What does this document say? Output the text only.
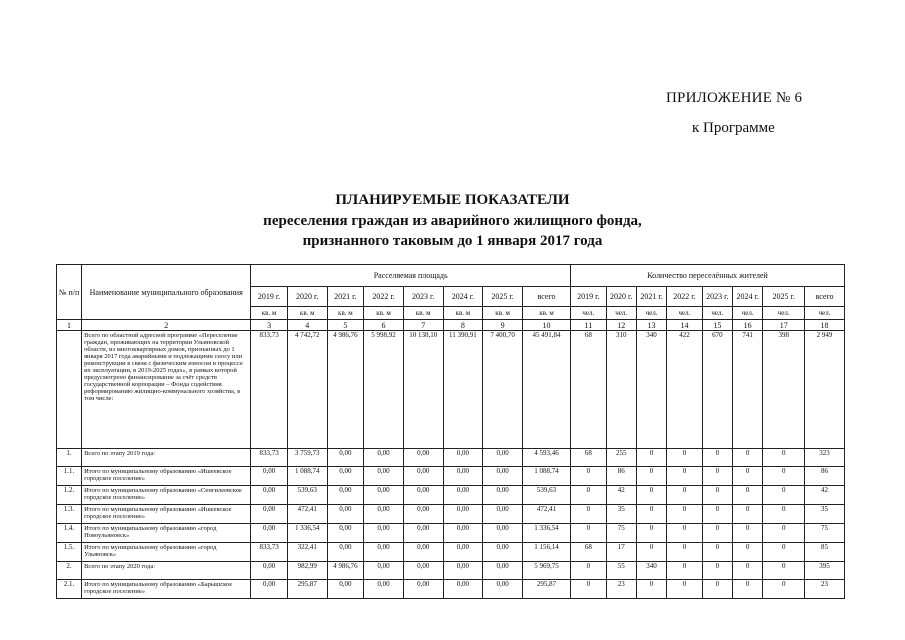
ПРИЛОЖЕНИЕ № 6
к Программе
ПЛАНИРУЕМЫЕ ПОКАЗАТЕЛИ
переселения граждан из аварийного жилищного фонда,
признанного таковым до 1 января 2017 года
№ п/п	Наименование муниципального образования	Расселяемая площадь								Количество переселённых жителей							
		2019 г.	2020 г.	2021 г.	2022 г.	2023 г.	2024 г.	2025 г.	всего	2019 г.	2020 г.	2021 г.	2022 г.	2023 г.	2024 г.	2025 г.	всего
		кв. м	кв. м	кв. м	кв. м	кв. м	кв. м	кв. м	кв. м	чел.	чел.	чел.	чел.	чел.	чел.	чел.	чел.
1	2	3	4	5	6	7	8	9	10	11	12	13	14	15	16	17	18
	Всего по областной адресной программе «Переселение граждан, проживающих на территории Ульяновской области, из многоквартирных домов, признанных до 1 января 2017 года аварийными и подлежащими сносу или реконструкции в связи с физическим износом в процессе их эксплуатации, в 2019-2025 годах», в рамках которой предусмотрено финансирование за счёт средств государственной корпорации – Фонда содействия реформированию жилищно-коммунального хозяйства, в том числе:	833,73	4 742,72	4 986,76	5 998,92	10 138,10	11 390,91	7 400,70	45 491,84	68	310	340	422	670	741	398	2 949
1.	Всего по этапу 2019 года:	833,73	3 759,73	0,00	0,00	0,00	0,00	0,00	4 593,46	68	255	0	0	0	0	0	323
1.1.	Итого по муниципальному образованию «Ишеевское городское поселение»	0,00	1 088,74	0,00	0,00	0,00	0,00	0,00	1 088,74	0	86	0	0	0	0	0	86
1.2.	Итого по муниципальному образованию «Сенгилеевское городское поселение»	0,00	539,63	0,00	0,00	0,00	0,00	0,00	539,63	0	42	0	0	0	0	0	42
1.3.	Итого по муниципальному образованию «Ишеевское городское поселение»	0,00	472,41	0,00	0,00	0,00	0,00	0,00	472,41	0	35	0	0	0	0	0	35
1.4.	Итого по муниципальному образованию «город Новоульяновск»	0,00	1 336,54	0,00	0,00	0,00	0,00	0,00	1 336,54	0	75	0	0	0	0	0	75
1.5.	Итого по муниципальному образованию «город Ульяновск»	833,73	322,41	0,00	0,00	0,00	0,00	0,00	1 156,14	68	17	0	0	0	0	0	85
2.	Всего по этапу 2020 года:	0,00	982,99	4 986,76	0,00	0,00	0,00	0,00	5 969,75	0	55	340	0	0	0	0	395
2.1.	Итого по муниципальному образованию «Барышское городское поселение»	0,00	295,87	0,00	0,00	0,00	0,00	0,00	295,87	0	23	0	0	0	0	0	23
